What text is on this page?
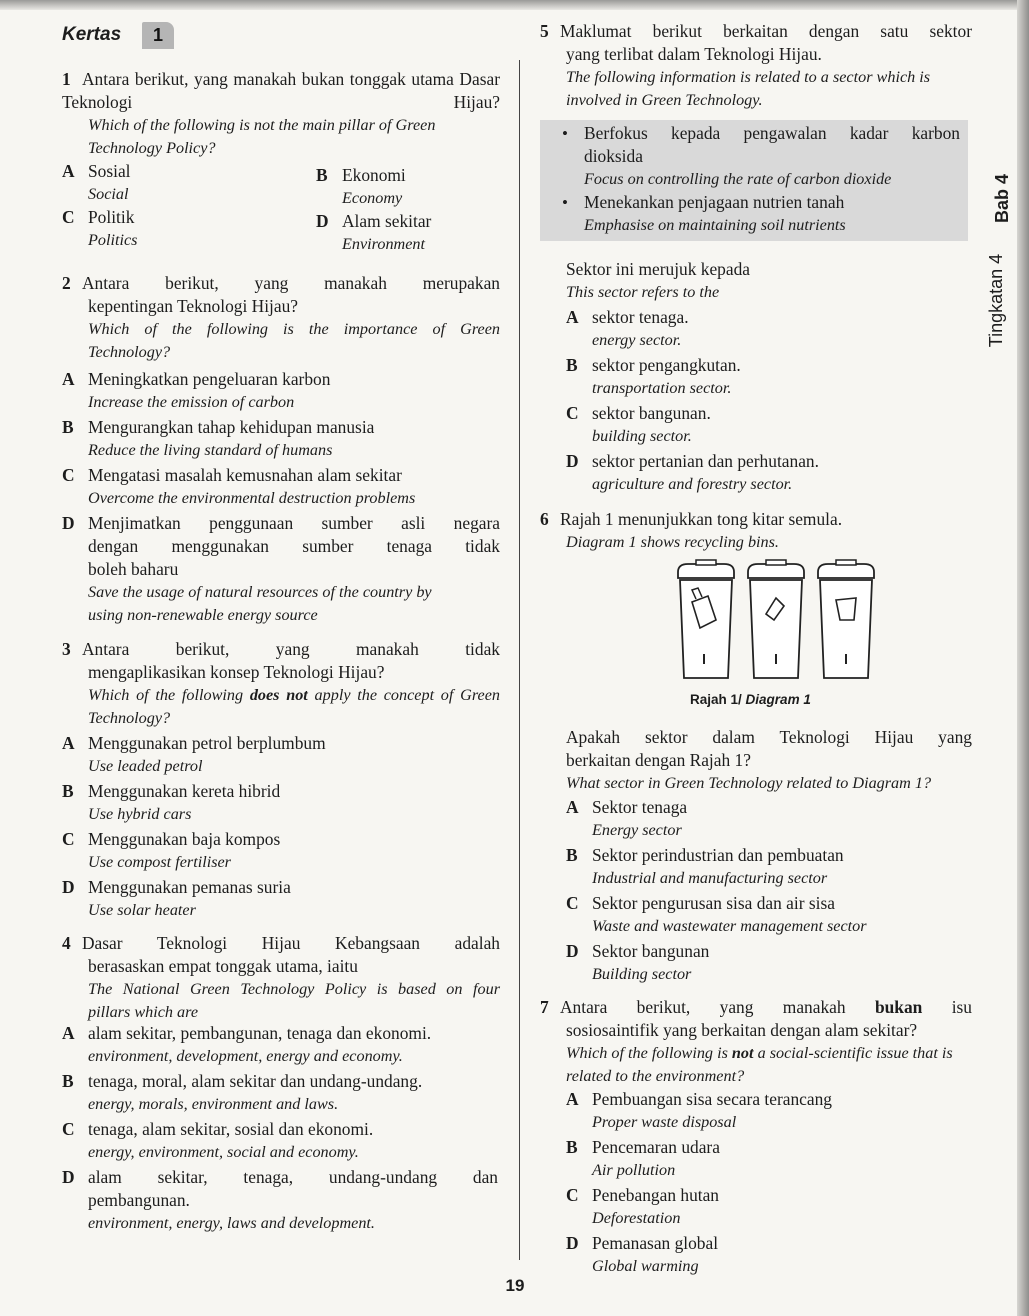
Kertas	1

1 Antara berikut, yang manakah bukan tonggak utama Dasar Teknologi Hijau?

Which of the following is not the main pillar of Green Technology Policy?

A Sosial

Social

B Ekonomi

Economy

C Politik

Politics

D Alam sekitar

Environment

2 Antara berikut, yang manakah merupakan

kepentingan Teknologi Hijau?

Which of the following is the importance of Green

Technology?

A Meningkatkan pengeluaran karbon

Increase the emission of carbon

B Mengurangkan tahap kehidupan manusia

Reduce the living standard of humans

C Mengatasi masalah kemusnahan alam sekitar

Overcome the environmental destruction problems

D Menjimatkan penggunaan sumber asli negara

dengan menggunakan sumber tenaga tidak

boleh baharu

Save the usage of natural resources of the country by

using non-renewable energy source

3 Antara berikut, yang manakah tidak

mengaplikasikan konsep Teknologi Hijau?

Which of the following does not apply the concept of Green

Technology?

A Menggunakan petrol berplumbum

Use leaded petrol

B Menggunakan kereta hibrid

Use hybrid cars

C Menggunakan baja kompos

Use compost fertiliser

D Menggunakan pemanas suria

Use solar heater

4 Dasar Teknologi Hijau Kebangsaan adalah

berasaskan empat tonggak utama, iaitu

The National Green Technology Policy is based on four

pillars which are

A alam sekitar, pembangunan, tenaga dan ekonomi.

environment, development, energy and economy.

B tenaga, moral, alam sekitar dan undang-undang.

energy, morals, environment and laws.

C tenaga, alam sekitar, sosial dan ekonomi.

energy, environment, social and economy.

D alam sekitar, tenaga, undang-undang dan

pembangunan.

environment, energy, laws and development.

5 Maklumat berikut berkaitan dengan satu sektor

yang terlibat dalam Teknologi Hijau.

The following information is related to a sector which is

involved in Green Technology.

• Berfokus kepada pengawalan kadar karbon

dioksida

Focus on controlling the rate of carbon dioxide

• Menekankan penjagaan nutrien tanah

Emphasise on maintaining soil nutrients

Sektor ini merujuk kepada

This sector refers to the

A sektor tenaga.

energy sector.

B sektor pengangkutan.

transportation sector.

C sektor bangunan.

building sector.

D sektor pertanian dan perhutanan.

agriculture and forestry sector.

6 Rajah 1 menunjukkan tong kitar semula.

Diagram 1 shows recycling bins.

Rajah 1/ Diagram 1

Apakah sektor dalam Teknologi Hijau yang

berkaitan dengan Rajah 1?

What sector in Green Technology related to Diagram 1?

A Sektor tenaga

Energy sector

B Sektor perindustrian dan pembuatan

Industrial and manufacturing sector

C Sektor pengurusan sisa dan air sisa

Waste and wastewater management sector

D Sektor bangunan

Building sector

7 Antara berikut, yang manakah bukan isu

sosiosaintifik yang berkaitan dengan alam sekitar?

Which of the following is not a social-scientific issue that is

related to the environment?

A Pembuangan sisa secara terancang

Proper waste disposal

B Pencemaran udara

Air pollution

C Penebangan hutan

Deforestation

D Pemanasan global

Global warming

Bab 4
Tingkatan 4
19
